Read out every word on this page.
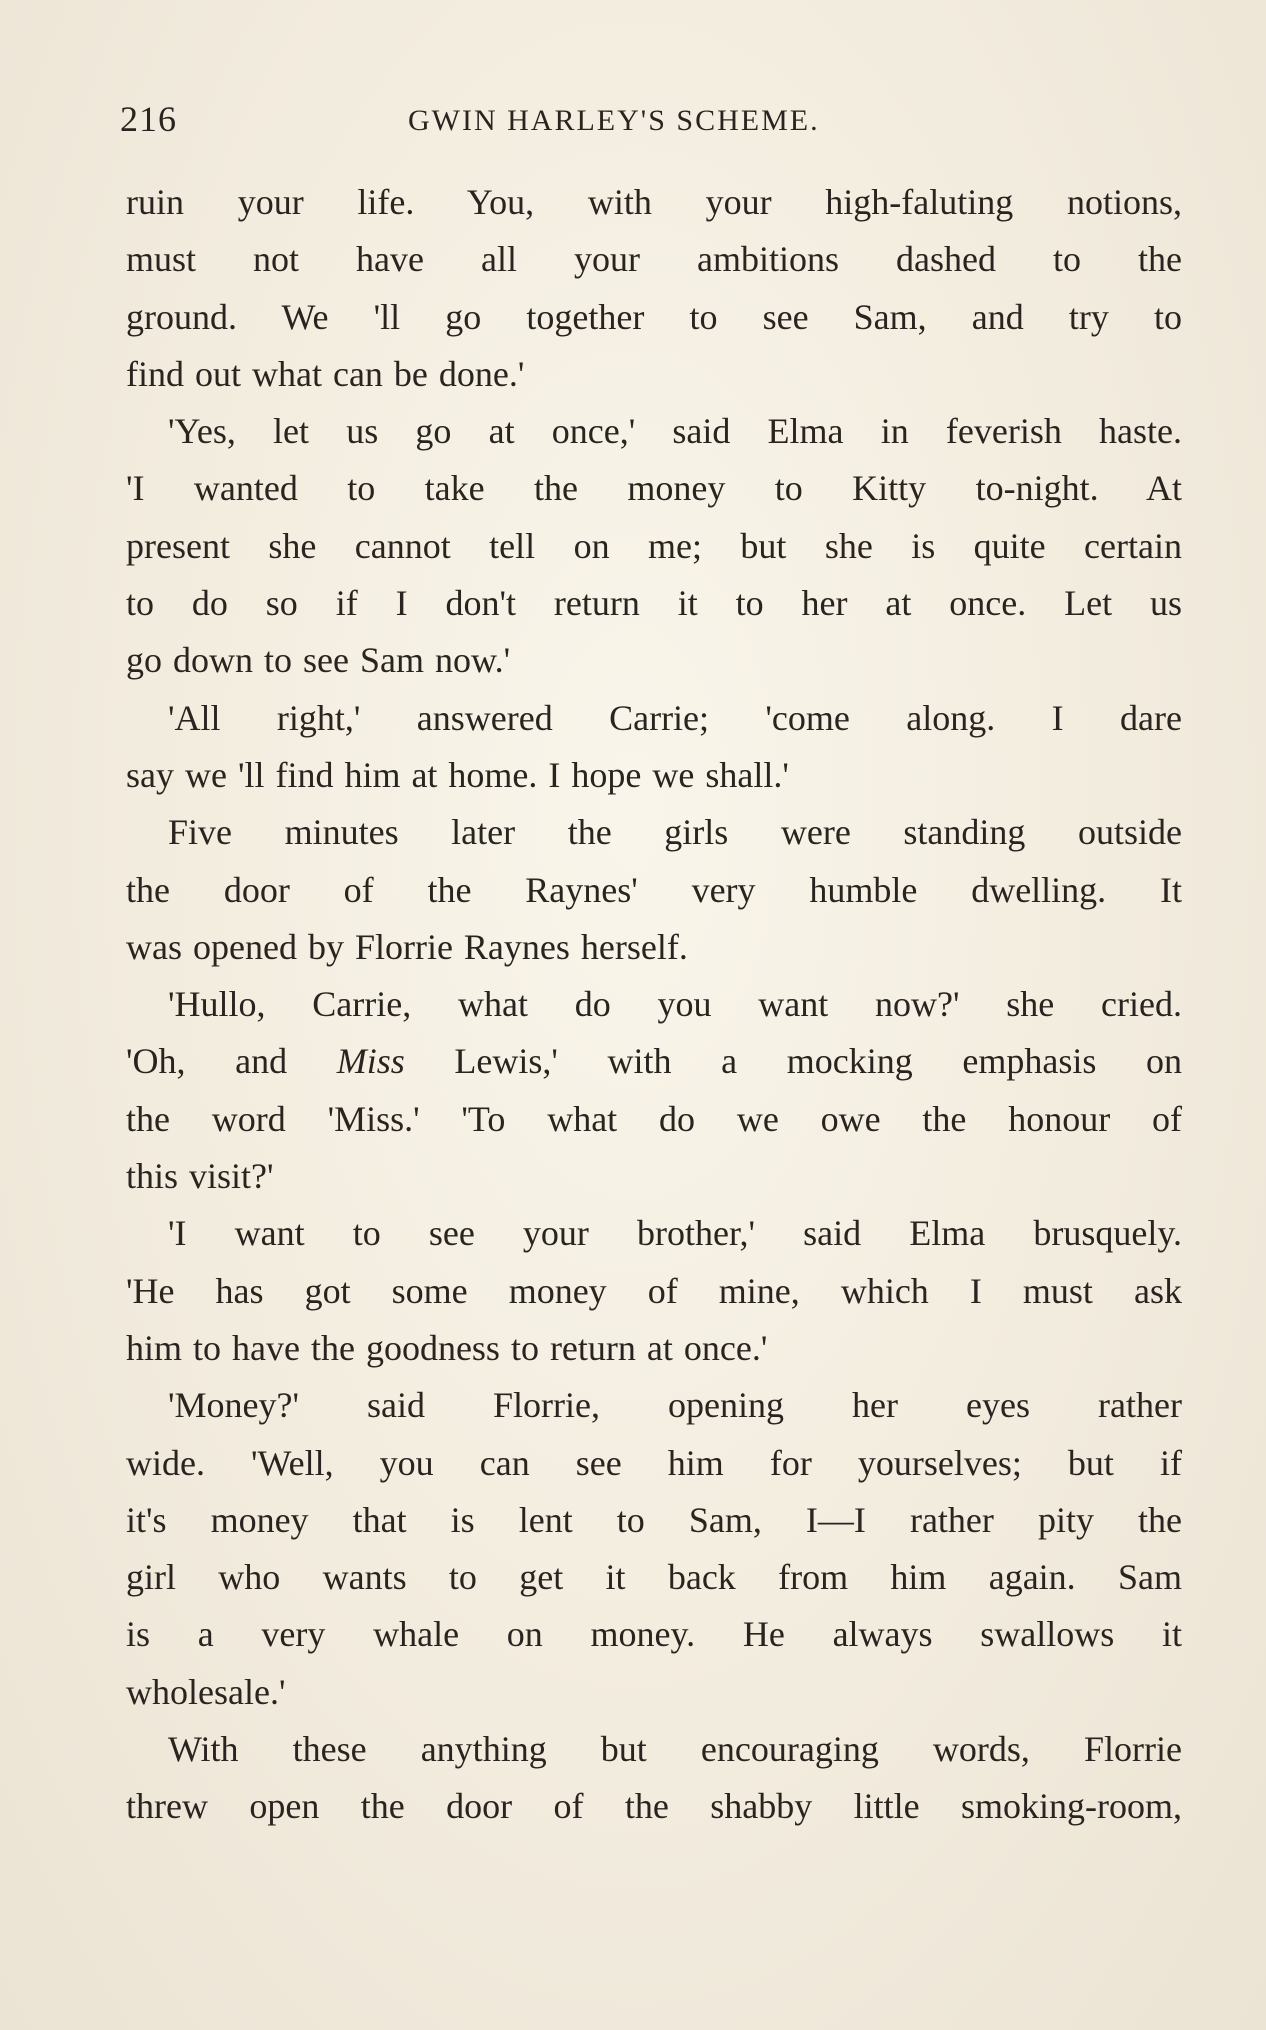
216	GWIN HARLEY'S SCHEME.
ruin your life. You, with your high-faluting notions,
must not have all your ambitions dashed to the
ground. We 'll go together to see Sam, and try to
find out what can be done.'
'Yes, let us go at once,' said Elma in feverish haste.
'I wanted to take the money to Kitty to-night. At
present she cannot tell on me; but she is quite certain
to do so if I don't return it to her at once. Let us
go down to see Sam now.'
'All right,' answered Carrie; 'come along. I dare
say we 'll find him at home. I hope we shall.'
Five minutes later the girls were standing outside
the door of the Raynes' very humble dwelling. It
was opened by Florrie Raynes herself.
'Hullo, Carrie, what do you want now?' she cried.
'Oh, and Miss Lewis,' with a mocking emphasis on
the word 'Miss.' 'To what do we owe the honour of
this visit?'
'I want to see your brother,' said Elma brusquely.
'He has got some money of mine, which I must ask
him to have the goodness to return at once.'
'Money?' said Florrie, opening her eyes rather
wide. 'Well, you can see him for yourselves; but if
it's money that is lent to Sam, I—I rather pity the
girl who wants to get it back from him again. Sam
is a very whale on money. He always swallows it
wholesale.'
With these anything but encouraging words, Florrie
threw open the door of the shabby little smoking-room,
